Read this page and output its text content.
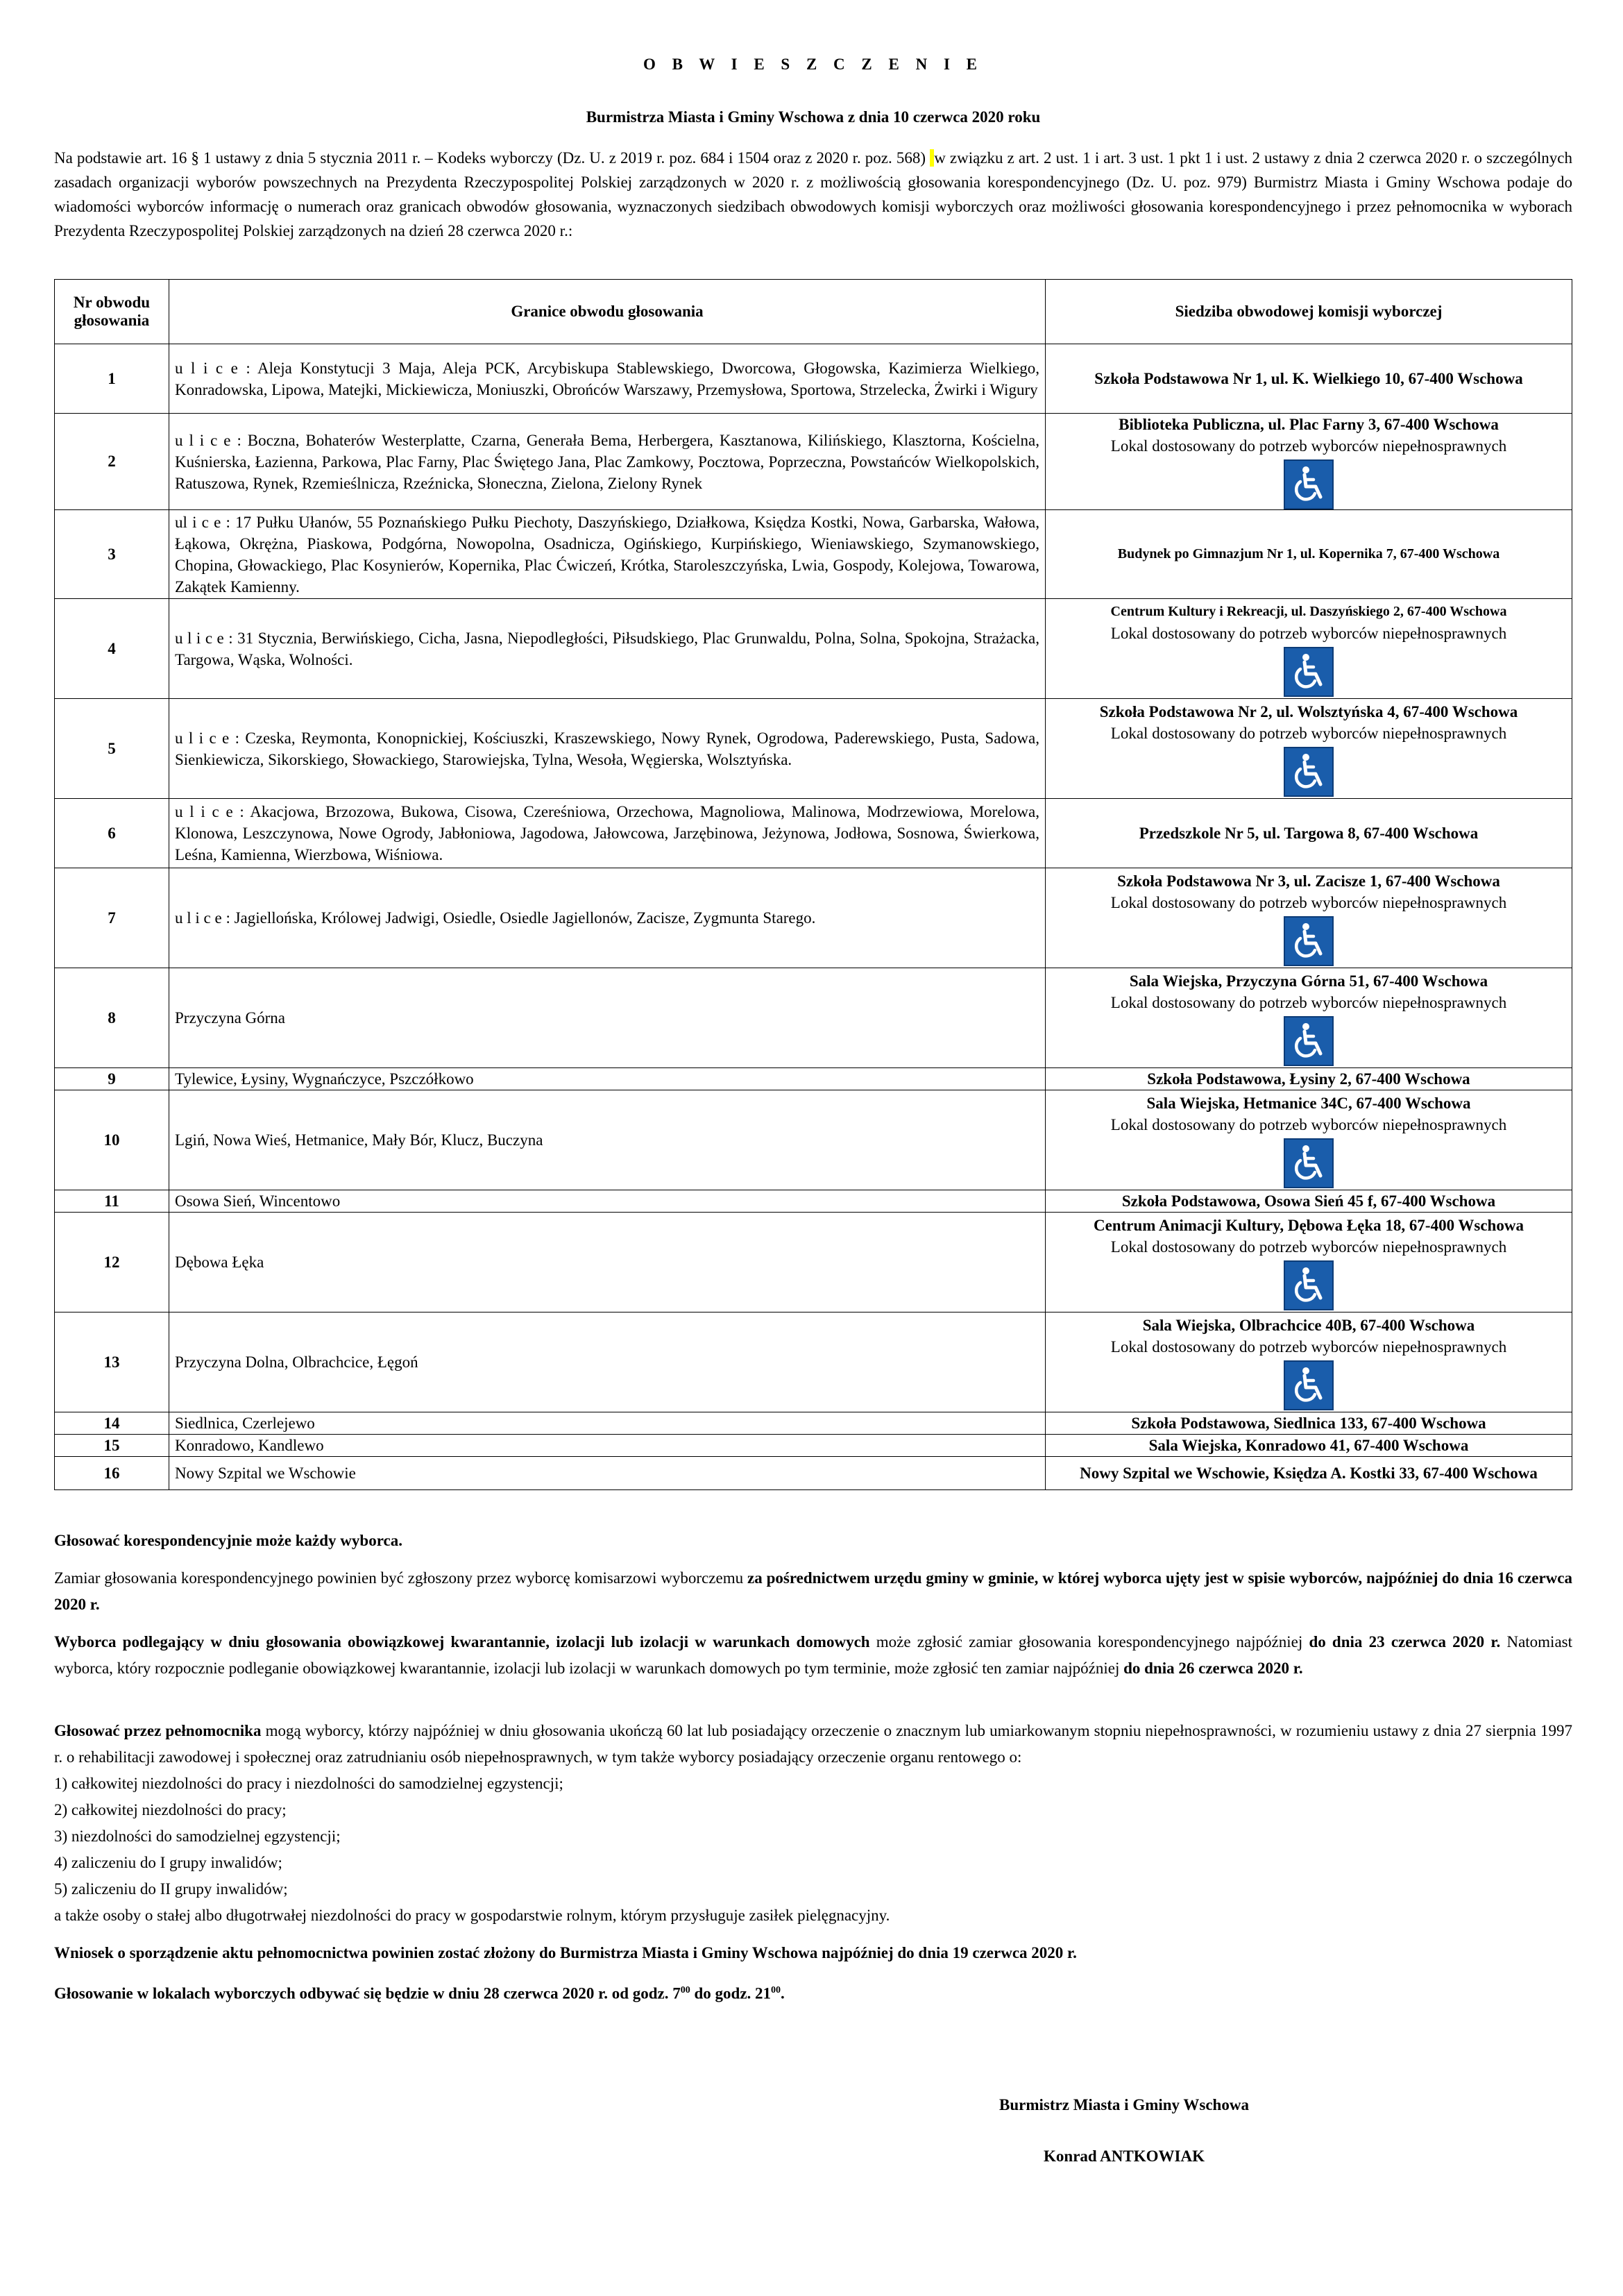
O B W I E S Z C Z E N I E
Burmistrza Miasta i Gminy Wschowa z dnia 10 czerwca 2020 roku
Na podstawie art. 16 § 1 ustawy z dnia 5 stycznia 2011 r. – Kodeks wyborczy (Dz. U. z 2019 r. poz. 684 i 1504 oraz z 2020 r. poz. 568) w związku z art. 2 ust. 1 i art. 3 ust. 1 pkt 1 i ust. 2 ustawy z dnia 2 czerwca 2020 r. o szczególnych zasadach organizacji wyborów powszechnych na Prezydenta Rzeczypospolitej Polskiej zarządzonych w 2020 r. z możliwością głosowania korespondencyjnego (Dz. U. poz. 979) Burmistrz Miasta i Gminy Wschowa podaje do wiadomości wyborców informację o numerach oraz granicach obwodów głosowania, wyznaczonych siedzibach obwodowych komisji wyborczych oraz możliwości głosowania korespondencyjnego i przez pełnomocnika w wyborach Prezydenta Rzeczypospolitej Polskiej zarządzonych na dzień 28 czerwca 2020 r.:
Nr obwodu głosowania	Granice obwodu głosowania	Siedziba obwodowej komisji wyborczej
1	u l i c e : Aleja Konstytucji 3 Maja, Aleja PCK, Arcybiskupa Stablewskiego, Dworcowa, Głogowska, Kazimierza Wielkiego, Konradowska, Lipowa, Matejki, Mickiewicza, Moniuszki, Obrońców Warszawy, Przemysłowa, Sportowa, Strzelecka, Żwirki i Wigury	Szkoła Podstawowa Nr 1, ul. K. Wielkiego 10, 67-400 Wschowa

2	u l i c e : Boczna, Bohaterów Westerplatte, Czarna, Generała Bema, Herbergera, Kasztanowa, Kilińskiego, Klasztorna, Kościelna, Kuśnierska, Łazienna, Parkowa, Plac Farny, Plac Świętego Jana, Plac Zamkowy, Pocztowa, Poprzeczna, Powstańców Wielkopolskich, Ratuszowa, Rynek, Rzemieślnicza, Rzeźnicka, Słoneczna, Zielona, Zielony Rynek	Biblioteka Publiczna, ul. Plac Farny 3, 67-400 Wschowa
Lokal dostosowany do potrzeb wyborców niepełnosprawnych

3	ul i c e : 17 Pułku Ułanów, 55 Poznańskiego Pułku Piechoty, Daszyńskiego, Działkowa, Księdza Kostki, Nowa, Garbarska, Wałowa, Łąkowa, Okrężna, Piaskowa, Podgórna, Nowopolna, Osadnicza, Ogińskiego, Kurpińskiego, Wieniawskiego, Szymanowskiego, Chopina, Głowackiego, Plac Kosynierów, Kopernika, Plac Ćwiczeń, Krótka, Staroleszczyńska, Lwia, Gospody, Kolejowa, Towarowa, Zakątek Kamienny.	Budynek po Gimnazjum Nr 1, ul. Kopernika 7, 67-400 Wschowa

4	u l i c e : 31 Stycznia, Berwińskiego, Cicha, Jasna, Niepodległości, Piłsudskiego, Plac Grunwaldu, Polna, Solna, Spokojna, Strażacka, Targowa, Wąska, Wolności.	Centrum Kultury i Rekreacji, ul. Daszyńskiego 2, 67-400 Wschowa
Lokal dostosowany do potrzeb wyborców niepełnosprawnych

5	u l i c e : Czeska, Reymonta, Konopnickiej, Kościuszki, Kraszewskiego, Nowy Rynek, Ogrodowa, Paderewskiego, Pusta, Sadowa, Sienkiewicza, Sikorskiego, Słowackiego, Starowiejska, Tylna, Wesoła, Węgierska, Wolsztyńska.	Szkoła Podstawowa Nr 2, ul. Wolsztyńska 4, 67-400 Wschowa
Lokal dostosowany do potrzeb wyborców niepełnosprawnych

6	u l i c e : Akacjowa, Brzozowa, Bukowa, Cisowa, Czereśniowa, Orzechowa, Magnoliowa, Malinowa, Modrzewiowa, Morelowa, Klonowa, Leszczynowa, Nowe Ogrody, Jabłoniowa, Jagodowa, Jałowcowa, Jarzębinowa, Jeżynowa, Jodłowa, Sosnowa, Świerkowa, Leśna, Kamienna, Wierzbowa, Wiśniowa.	Przedszkole Nr 5, ul. Targowa 8, 67-400 Wschowa

7	u l i c e : Jagiellońska, Królowej Jadwigi, Osiedle, Osiedle Jagiellonów, Zacisze, Zygmunta Starego.	Szkoła Podstawowa Nr 3, ul. Zacisze 1, 67-400 Wschowa
Lokal dostosowany do potrzeb wyborców niepełnosprawnych

8	Przyczyna Górna	Sala Wiejska, Przyczyna Górna 51, 67-400 Wschowa
Lokal dostosowany do potrzeb wyborców niepełnosprawnych

9	Tylewice, Łysiny, Wygnańczyce, Pszczółkowo	Szkoła Podstawowa, Łysiny 2, 67-400 Wschowa

10	Lgiń, Nowa Wieś, Hetmanice, Mały Bór, Klucz, Buczyna	Sala Wiejska, Hetmanice 34C, 67-400 Wschowa
Lokal dostosowany do potrzeb wyborców niepełnosprawnych

11	Osowa Sień, Wincentowo	Szkoła Podstawowa, Osowa Sień 45 f, 67-400 Wschowa

12	Dębowa Łęka	Centrum Animacji Kultury, Dębowa Łęka 18, 67-400 Wschowa
Lokal dostosowany do potrzeb wyborców niepełnosprawnych

13	Przyczyna Dolna, Olbrachcice, Łęgoń	Sala Wiejska, Olbrachcice 40B, 67-400 Wschowa
Lokal dostosowany do potrzeb wyborców niepełnosprawnych

14	Siedlnica, Czerlejewo	Szkoła Podstawowa, Siedlnica 133, 67-400 Wschowa

15	Konradowo, Kandlewo	Sala Wiejska, Konradowo 41, 67-400 Wschowa

16	Nowy Szpital we Wschowie	Nowy Szpital we Wschowie, Księdza A. Kostki 33, 67-400 Wschowa

Głosować korespondencyjnie może każdy wyborca.

Zamiar głosowania korespondencyjnego powinien być zgłoszony przez wyborcę komisarzowi wyborczemu za pośrednictwem urzędu gminy w gminie, w której wyborca ujęty jest w spisie wyborców, najpóźniej do dnia 16 czerwca 2020 r.

Wyborca podlegający w dniu głosowania obowiązkowej kwarantannie, izolacji lub izolacji w warunkach domowych może zgłosić zamiar głosowania korespondencyjnego najpóźniej do dnia 23 czerwca 2020 r. Natomiast wyborca, który rozpocznie podleganie obowiązkowej kwarantannie, izolacji lub izolacji w warunkach domowych po tym terminie, może zgłosić ten zamiar najpóźniej do dnia 26 czerwca 2020 r.

Głosować przez pełnomocnika mogą wyborcy, którzy najpóźniej w dniu głosowania ukończą 60 lat lub posiadający orzeczenie o znacznym lub umiarkowanym stopniu niepełnosprawności, w rozumieniu ustawy z dnia 27 sierpnia 1997 r. o rehabilitacji zawodowej i społecznej oraz zatrudnianiu osób niepełnosprawnych, w tym także wyborcy posiadający orzeczenie organu rentowego o:

1) całkowitej niezdolności do pracy i niezdolności do samodzielnej egzystencji;
2) całkowitej niezdolności do pracy;
3) niezdolności do samodzielnej egzystencji;
4) zaliczeniu do I grupy inwalidów;
5) zaliczeniu do II grupy inwalidów;

a także osoby o stałej albo długotrwałej niezdolności do pracy w gospodarstwie rolnym, którym przysługuje zasiłek pielęgnacyjny.

Wniosek o sporządzenie aktu pełnomocnictwa powinien zostać złożony do Burmistrza Miasta i Gminy Wschowa najpóźniej do dnia 19 czerwca 2020 r.

Głosowanie w lokalach wyborczych odbywać się będzie w dniu 28 czerwca 2020 r. od godz. $7^{00}$ do godz. $21^{00}$.

Burmistrz Miasta i Gminy Wschowa
Konrad ANTKOWIAK
